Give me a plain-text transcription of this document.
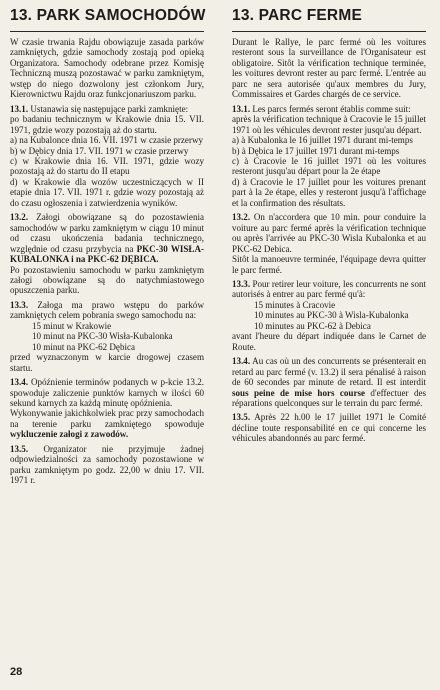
13. PARK SAMOCHODÓW

W czasie trwania Rajdu obowiązuje zasada parków zamkniętych, gdzie samochody zostają pod opieką Organizatora. Samochody odebrane przez Komisję Techniczną muszą pozostawać w parku zamkniętym, wstęp do niego dozwolony jest członkom Jury, Kierownictwu Rajdu oraz funkcjonariuszom parku.

13.1. Ustanawia się następujące parki zamknięte:
po badaniu technicznym w Krakowie dnia 15. VII. 1971, gdzie wozy pozostają aż do startu.
a) na Kubalonce dnia 16. VII. 1971 w czasie przerwy
b) w Dębicy dnia 17. VII. 1971 w czasie przerwy
c) w Krakowie dnia 16. VII. 1971, gdzie wozy pozostają aż do startu do II etapu
d) w Krakowie dla wozów uczestniczących w II etapie dnia 17. VII. 1971 r. gdzie wozy pozostają aż do czasu ogłoszenia i zatwierdzenia wyników.

13.2. Załogi obowiązane są do pozostawienia samochodów w parku zamkniętym w ciągu 10 minut od czasu ukończenia badania technicznego, względnie od czasu przybycia na PKC-30 WISŁA-KUBALONKA i na PKC-62 DĘBICA.
Po pozostawieniu samochodu w parku zamkniętym załogi obowiązane są do natychmiastowego opuszczenia parku.

13.3. Załoga ma prawo wstępu do parków zamkniętych celem pobrania swego samochodu na:
15 minut w Krakowie
10 minut na PKC-30 Wisła-Kubalonka
10 minut na PKC-62 Dębica
przed wyznaczonym w karcie drogowej czasem startu.

13.4. Opóźnienie terminów podanych w p-kcie 13.2. spowoduje zaliczenie punktów karnych w ilości 60 sekund karnych za każdą minutę opóźnienia.
Wykonywanie jakichkolwiek prac przy samochodach na terenie parku zamkniętego spowoduje wykluczenie załogi z zawodów.

13.5. Organizator nie przyjmuje żadnej odpowiedzialności za samochody pozostawione w parku zamkniętym po godz. 22,00 w dniu 17. VII. 1971 r.

13. PARC FERME

Durant le Rallye, le parc fermé où les voitures resteront sous la surveillance de l'Organisateur est obligatoire. Sitôt la vérification technique terminée, les voitures devront rester au parc fermé. L'entrée au parc ne sera autorisée qu'aux membres du Jury, Commissaires et Gardes chargés de ce service.

13.1. Les parcs fermés seront établis comme suit:
après la vérification technique à Cracovie le 15 juillet 1971 où les véhicules devront rester jusqu'au départ.
a) à Kubalonka le 16 juillet 1971 durant mi-temps
b) à Dębica le 17 juillet 1971 durant mi-temps
c) à Cracovie le 16 juillet 1971 où les voitures resteront jusqu'au départ pour la 2e étape
d) à Cracovie le 17 juillet pour les voitures prenant part à la 2e étape, elles y resteront jusqu'à l'affichage et la confirmation des résultats.

13.2. On n'accordera que 10 min. pour conduire la voiture au parc fermé après la vérification technique ou après l'arrivée au PKC-30 Wisla Kubalonka et au PKC-62 Debica.
Sitôt la manoeuvre terminée, l'équipage devra quitter le parc fermé.

13.3. Pour retirer leur voiture, les concurrents ne sont autorisés à entrer au parc fermé qu'à:
15 minutes à Cracovie
10 minutes au PKC-30 à Wisla-Kubalonka
10 minutes au PKC-62 à Debica
avant l'heure du départ indiquée dans le Carnet de Route.

13.4. Au cas où un des concurrents se présenterait en retard au parc fermé (v. 13.2) il sera pénalisé à raison de 60 secondes par minute de retard. Il est interdit sous peine de mise hors course d'effectuer des réparations quelconques sur le terrain du parc fermé.

13.5. Après 22 h.00 le 17 juillet 1971 le Comité décline toute responsabilité en ce qui concerne les véhicules abandonnés au parc fermé.

28
